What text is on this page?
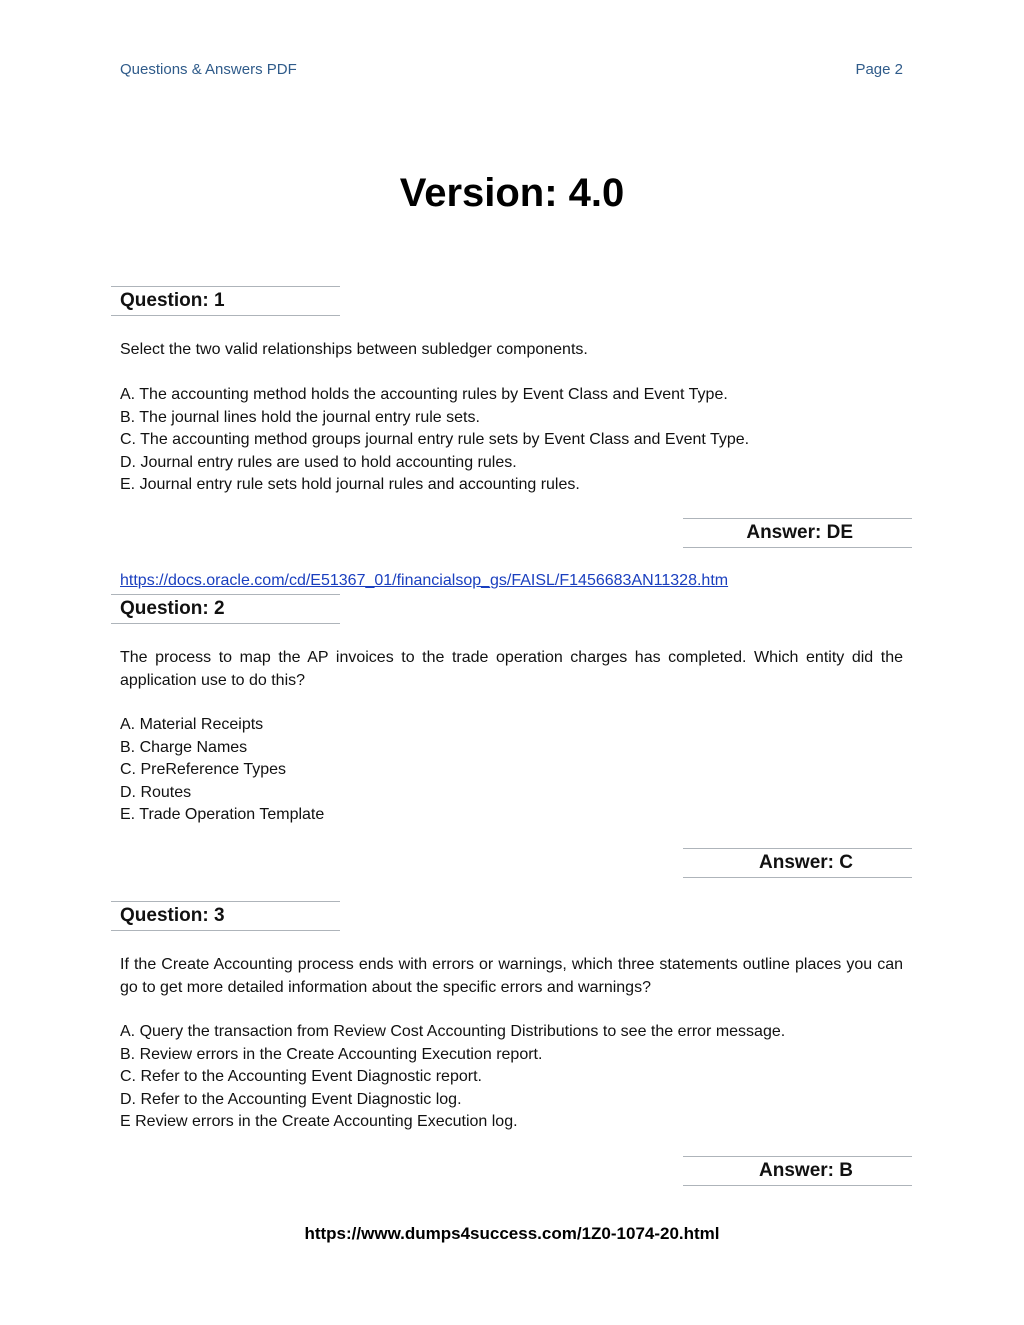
Questions & Answers PDF	Page 2
Version: 4.0
Question: 1
Select the two valid relationships between subledger components.
A. The accounting method holds the accounting rules by Event Class and Event Type.
B. The journal lines hold the journal entry rule sets.
C. The accounting method groups journal entry rule sets by Event Class and Event Type.
D. Journal entry rules are used to hold accounting rules.
E. Journal entry rule sets hold journal rules and accounting rules.
Answer: DE
https://docs.oracle.com/cd/E51367_01/financialsop_gs/FAISL/F1456683AN11328.htm
Question: 2
The process to map the AP invoices to the trade operation charges has completed. Which entity did the application use to do this?
A. Material Receipts
B. Charge Names
C. PreReference Types
D. Routes
E. Trade Operation Template
Answer: C
Question: 3
If the Create Accounting process ends with errors or warnings, which three statements outline places you can go to get more detailed information about the specific errors and warnings?
A. Query the transaction from Review Cost Accounting Distributions to see the error message.
B. Review errors in the Create Accounting Execution report.
C. Refer to the Accounting Event Diagnostic report.
D. Refer to the Accounting Event Diagnostic log.
E Review errors in the Create Accounting Execution log.
Answer: B
https://www.dumps4success.com/1Z0-1074-20.html
